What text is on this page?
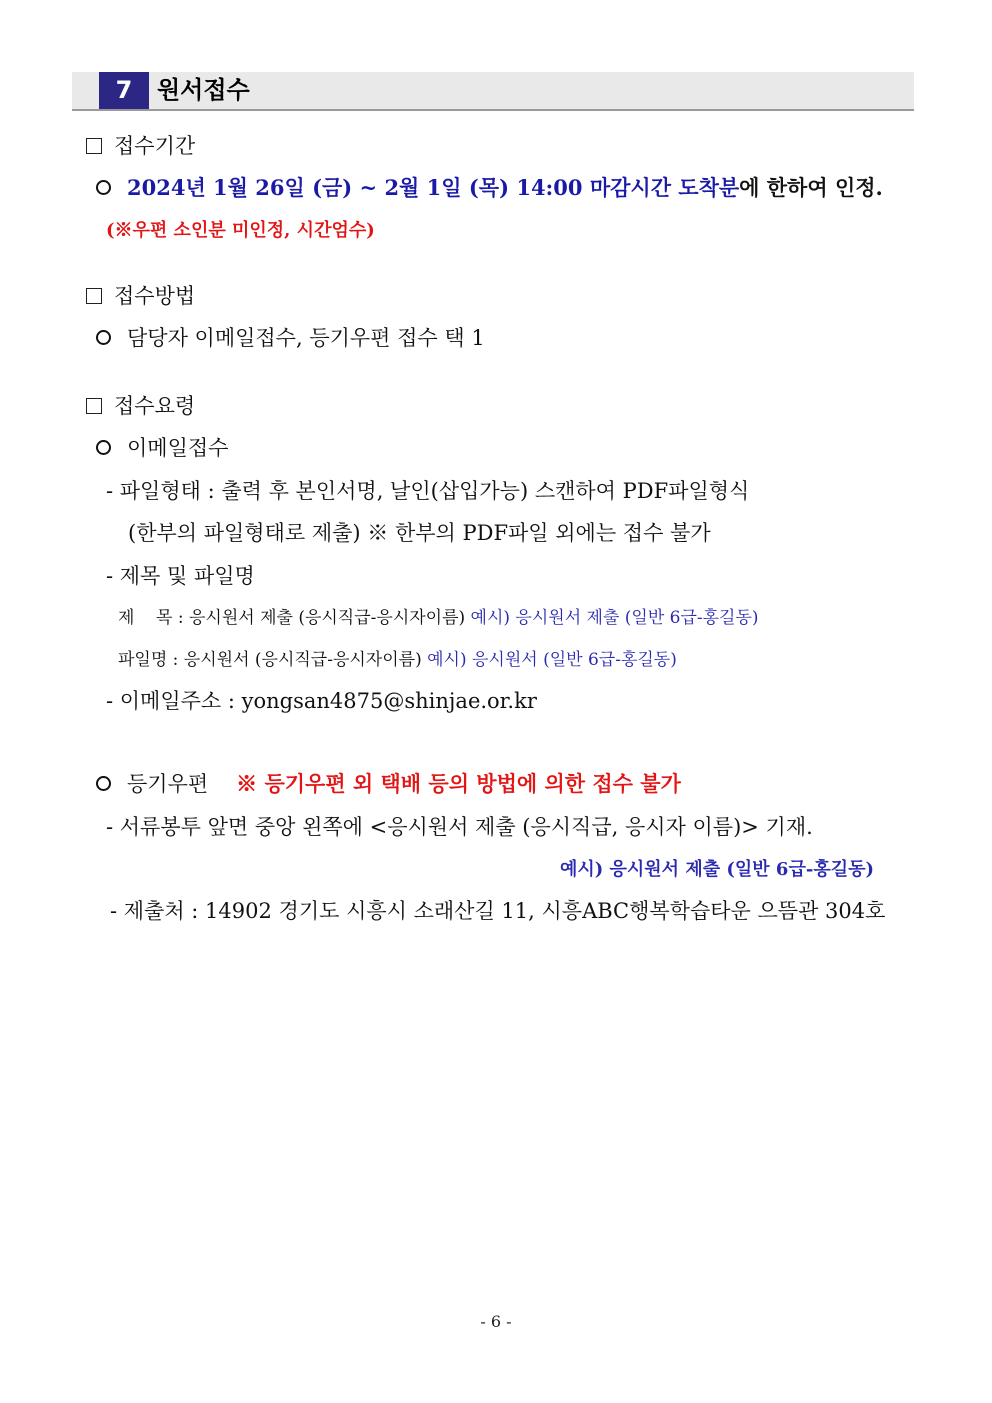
7	원서접수
접수기간
2024년 1월 26일 (금) ~ 2월 1일 (목) 14:00 마감시간 도착분에 한하여 인정.
(※우편 소인분 미인정, 시간엄수)
접수방법
담당자 이메일접수, 등기우편 접수 택 1
접수요령
이메일접수
- 파일형태 : 출력 후 본인서명, 날인(삽입가능) 스캔하여 PDF파일형식
(한부의 파일형태로 제출) ※ 한부의 PDF파일 외에는 접수 불가
- 제목 및 파일명
제    목 : 응시원서 제출 (응시직급-응시자이름) 예시) 응시원서 제출 (일반 6급-홍길동)
파일명 : 응시원서 (응시직급-응시자이름) 예시) 응시원서 (일반 6급-홍길동)
- 이메일주소 : yongsan4875@shinjae.or.kr
등기우편 ※ 등기우편 외 택배 등의 방법에 의한 접수 불가
- 서류봉투 앞면 중앙 왼쪽에 <응시원서 제출 (응시직급, 응시자 이름)> 기재.
예시) 응시원서 제출 (일반 6급-홍길동)
- 제출처 : 14902 경기도 시흥시 소래산길 11, 시흥ABC행복학습타운 으뜸관 304호
- 6 -
